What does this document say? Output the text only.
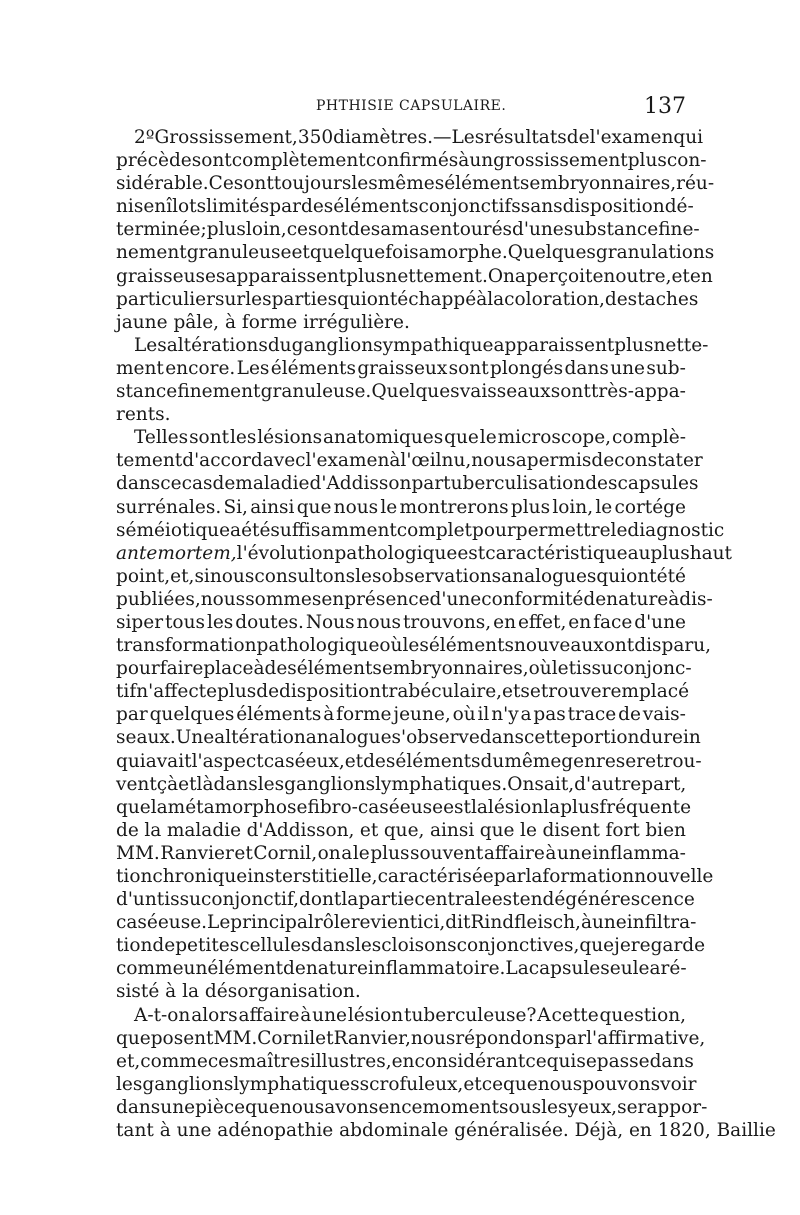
PHTHISIE CAPSULAIRE.	137
2º Grossissement, 350 diamètres. — Les résultats de l'examen qui
précède sont complètement confirmés à un grossissement plus con-
sidérable. Ce sont toujours les mêmes éléments embryonnaires, réu-
nis en îlots limités par des éléments conjonctifs sans disposition dé-
terminée ; plus loin, ce sont des amas entourés d'une substance fine-
nement granuleuse et quelquefois amorphe. Quelques granulations
graisseuses apparaissent plus nettement. On aperçoit en outre, et en
particulier sur les parties qui ont échappé à la coloration, des taches
jaune pâle, à forme irrégulière.
Les altérations du ganglion sympathique apparaissent plus nette-
ment encore. Les éléments graisseux sont plongés dans une sub-
stance finement granuleuse. Quelques vaisseaux sont très-appa-
rents.
Telles sont les lésions anatomiques que le microscope, complè-
tement d'accord avec l'examen à l'œil nu, nous a permis de constater
dans ce cas de maladie d'Addisson par tuberculisation des capsules
surrénales. Si, ainsi que nous le montrerons plus loin, le cortége
séméiotique a été suffisamment complet pour permettre le diagnostic
ante mortem, l'évolution pathologique est caractéristique au plus haut
point, et, si nous consultons les observations analogues qui ont été
publiées, nous sommes en présence d'une conformité de nature à dis-
siper tous les doutes. Nous nous trouvons, en effet, en face d'une
transformation pathologique où les éléments nouveaux ont disparu,
pour faire place à des éléments embryonnaires, où le tissu conjonc-
tif n'affecte plus de disposition trabéculaire, et se trouve remplacé
par quelques éléments à forme jeune, où il n'y a pas trace de vais-
seaux. Une altération analogue s'observe dans cette portion du rein
qui avait l'aspect caséeux, et des éléments du même genre se retrou-
vent çà et là dans les ganglions lymphatiques. On sait, d'autre part,
que la métamorphose fibro-caséeuse est la lésion la plus fréquente
de la maladie d'Addisson, et que, ainsi que le disent fort bien
MM. Ranvier et Cornil, on a le plus souvent affaire à une inflamma-
tion chronique insterstitielle, caractérisée par la formation nouvelle
d'un tissu conjonctif, dont la partie centrale est en dégénérescence
caséeuse. Le principal rôle revient ici, dit Rindfleisch, à une infiltra-
tion de petites cellules dans les cloisons conjonctives, que je regarde
comme un élément de nature inflammatoire. La capsule seule a ré-
sisté à la désorganisation.
A-t-on alors affaire à une lésion tuberculeuse? A cette question,
que posent MM. Cornil et Ranvier, nous répondons par l'affirmative,
et, comme ces maîtres illustres, en considérant ce qui se passe dans
les ganglions lymphatiques scrofuleux, et ce que nous pouvons voir
dans une pièce que nous avons en ce moment sous les yeux, se rappor-
tant à une adénopathie abdominale généralisée. Déjà, en 1820, Baillie
